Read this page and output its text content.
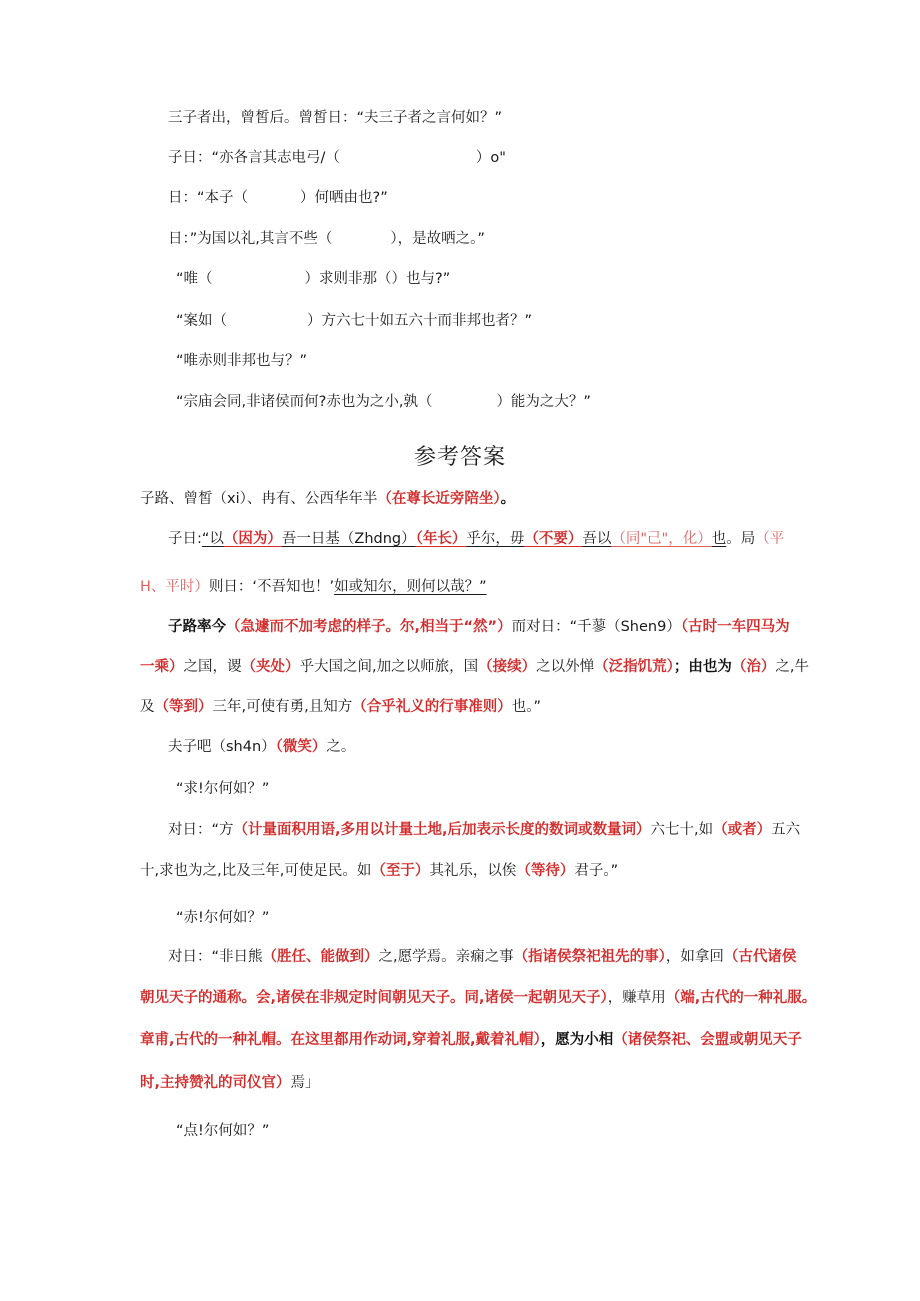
三子者出，曾皙后。曾皙日：“夫三子者之言何如？”
子日：“亦各言其志电弓/（	）o"
日：“本子（	）何哂由也?”
日：”为国以礼,其言不些（	），是故哂之。”
“唯（	）求则非那（）也与?”
“案如（	）方六七十如五六十而非邦也者？”
“唯赤则非邦也与？”
“宗庙会同,非诸侯而何?赤也为之小,孰（	）能为之大？”
参考答案
子路、曾皙（xi）、冉有、公西华年半（在尊长近旁陪坐）。
子日:“以（因为）吾一日基（Zhdng）（年长）乎尔，毋（不要）吾以（同"己"，化）也。局（平
H、平时）则日：‘不吾知也！’如或知尔，则何以哉？”
子路率今（急遽而不加考虑的样子。尔,相当于“然”）而对日：“千蓼（Shen9）（古时一车四马为
一乘）之国，谡（夹处）乎大国之间,加之以师旅，国（接续）之以外惮（泛指饥荒）；由也为（治）之,牛
及（等到）三年,可使有勇,且知方（合乎礼义的行事准则）也。”
夫子吧（sh4n）（微笑）之。
“求!尔何如？”
对日：“方（计量面积用语,多用以计量土地,后加表示长度的数词或数量词）六七十,如（或者）五六
十,求也为之,比及三年,可使足民。如（至于）其礼乐，以俟（等待）君子。”
“赤!尔何如？”
对日：“非日熊（胜任、能做到）之,愿学焉。亲痫之事（指诸侯祭祀祖先的事），如拿回（古代诸侯
朝见天子的通称。会,诸侯在非规定时间朝见天子。同,诸侯一起朝见天子），赚草用（端,古代的一种礼服。
章甫,古代的一种礼帽。在这里都用作动词,穿着礼服,戴着礼帽），愿为小相（诸侯祭祀、会盟或朝见天子
时,主持赞礼的司仪官）焉」
“点!尔何如？”
